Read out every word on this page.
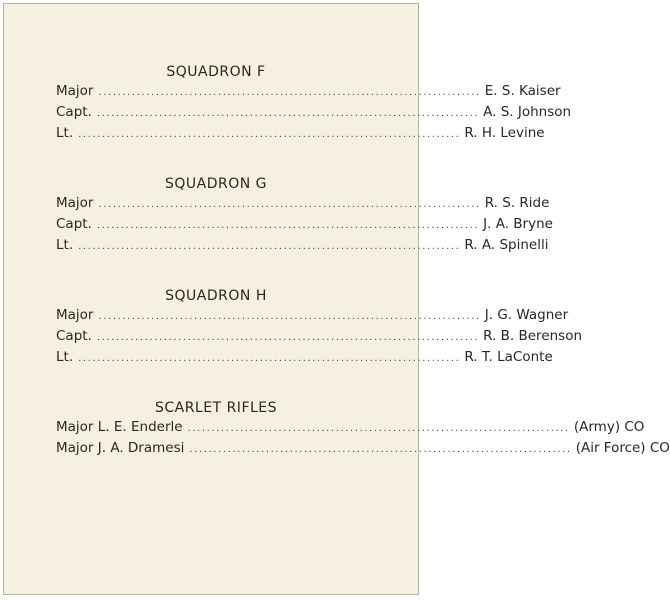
SQUADRON F
Major ................................................................................ E. S. Kaiser
Capt. ................................................................................ A. S. Johnson
Lt. ................................................................................ R. H. Levine
SQUADRON G
Major ................................................................................ R. S. Ride
Capt. ................................................................................ J. A. Bryne
Lt. ................................................................................ R. A. Spinelli
SQUADRON H
Major ................................................................................ J. G. Wagner
Capt. ................................................................................ R. B. Berenson
Lt. ................................................................................ R. T. LaConte
SCARLET RIFLES
Major L. E. Enderle ................................................................................ (Army) CO
Major J. A. Dramesi ................................................................................ (Air Force) CO
